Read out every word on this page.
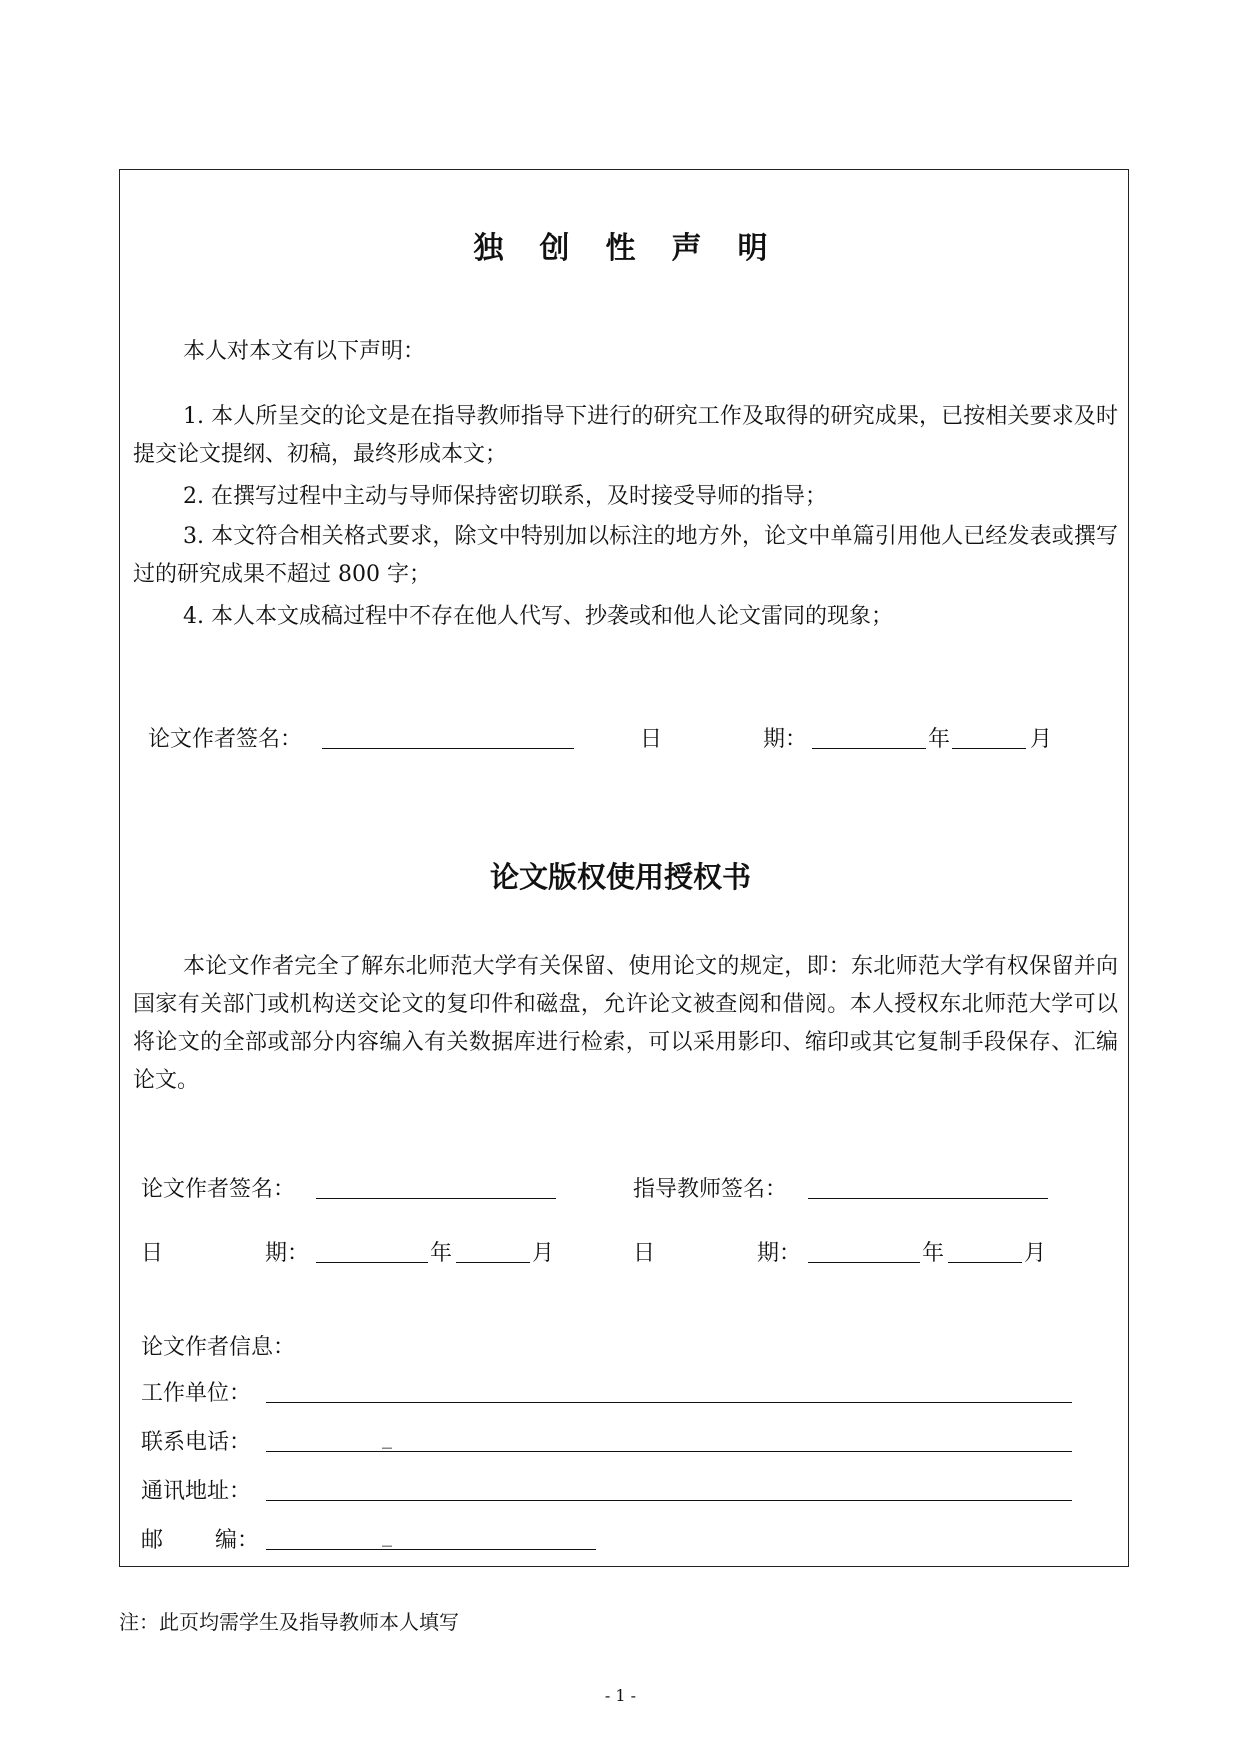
独创性声明
本人对本文有以下声明：
1. 本人所呈交的论文是在指导教师指导下进行的研究工作及取得的研究成果，已按相关要求及时提交论文提纲、初稿，最终形成本文；
2. 在撰写过程中主动与导师保持密切联系，及时接受导师的指导；
3. 本文符合相关格式要求，除文中特别加以标注的地方外，论文中单篇引用他人已经发表或撰写过的研究成果不超过 800 字；
4. 本人本文成稿过程中不存在他人代写、抄袭或和他人论文雷同的现象；
论文作者签名：	日	期：	年	月
论文版权使用授权书
本论文作者完全了解东北师范大学有关保留、使用论文的规定，即：东北师范大学有权保留并向国家有关部门或机构送交论文的复印件和磁盘，允许论文被查阅和借阅。本人授权东北师范大学可以将论文的全部或部分内容编入有关数据库进行检索，可以采用影印、缩印或其它复制手段保存、汇编论文。
论文作者签名：	指导教师签名：
日	期：	年	月	日	期：	年	月
论文作者信息：
工作单位：
联系电话：	_
通讯地址：
邮 编：	_
注：此页均需学生及指导教师本人填写
- 1 -
